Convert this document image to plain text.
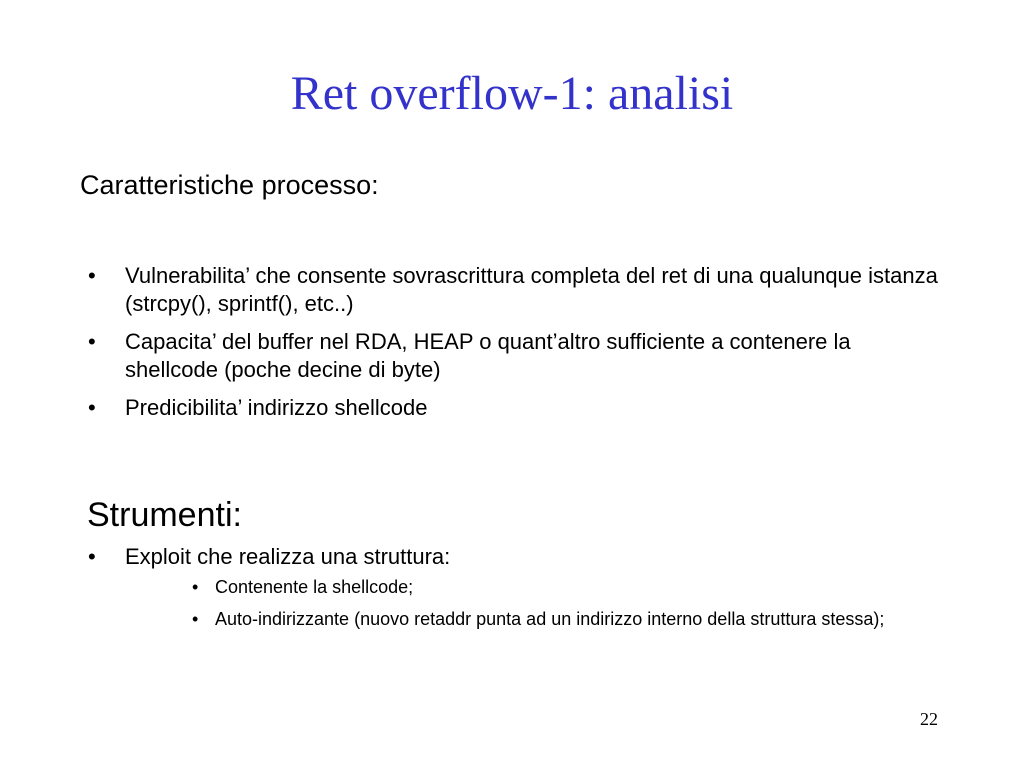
Ret overflow-1: analisi
Caratteristiche processo:
• Vulnerabilita’ che consente sovrascrittura completa del ret di una qualunque istanza (strcpy(), sprintf(), etc..)
• Capacita’ del buffer nel RDA, HEAP o quant’altro sufficiente a contenere la shellcode (poche decine di byte)
• Predicibilita’ indirizzo shellcode
Strumenti:
• Exploit che realizza una struttura:
• Contenente la shellcode;
• Auto-indirizzante (nuovo retaddr punta ad un indirizzo interno della struttura stessa);
22
